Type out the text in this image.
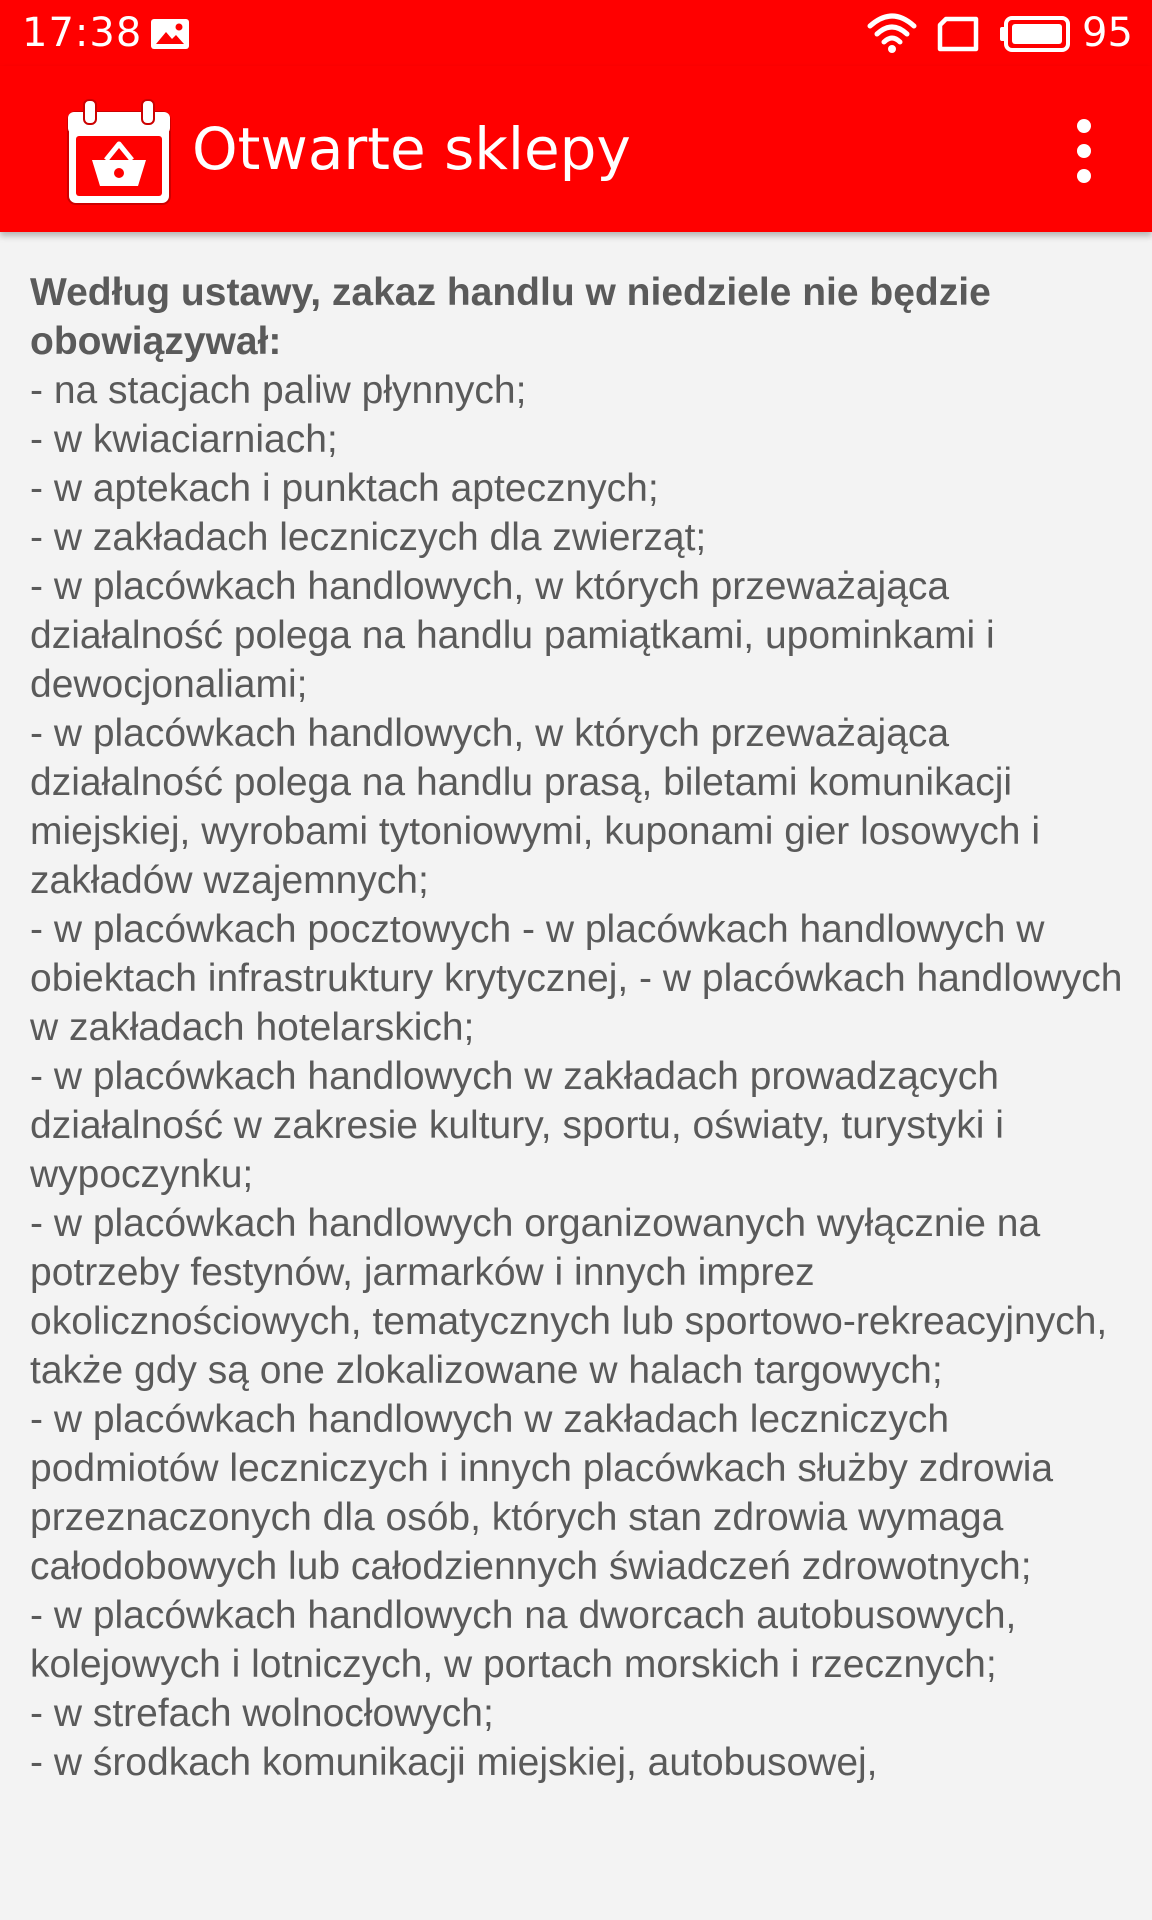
17:38	95
Otwarte sklepy
Według ustawy, zakaz handlu w niedziele nie będzie obowiązywał:
- na stacjach paliw płynnych;
- w kwiaciarniach;
- w aptekach i punktach aptecznych;
- w zakładach leczniczych dla zwierząt;
- w placówkach handlowych, w których przeważająca działalność polega na handlu pamiątkami, upominkami i dewocjonaliami;
- w placówkach handlowych, w których przeważająca działalność polega na handlu prasą, biletami komunikacji miejskiej, wyrobami tytoniowymi, kuponami gier losowych i zakładów wzajemnych;
- w placówkach pocztowych - w placówkach handlowych w obiektach infrastruktury krytycznej, - w placówkach handlowych w zakładach hotelarskich;
- w placówkach handlowych w zakładach prowadzących działalność w zakresie kultury, sportu, oświaty, turystyki i wypoczynku;
- w placówkach handlowych organizowanych wyłącznie na potrzeby festynów, jarmarków i innych imprez okolicznościowych, tematycznych lub sportowo-rekreacyjnych, także gdy są one zlokalizowane w halach targowych;
- w placówkach handlowych w zakładach leczniczych podmiotów leczniczych i innych placówkach służby zdrowia przeznaczonych dla osób, których stan zdrowia wymaga całodobowych lub całodziennych świadczeń zdrowotnych;
- w placówkach handlowych na dworcach autobusowych, kolejowych i lotniczych, w portach morskich i rzecznych;
- w strefach wolnocłowych;
- w środkach komunikacji miejskiej, autobusowej,
